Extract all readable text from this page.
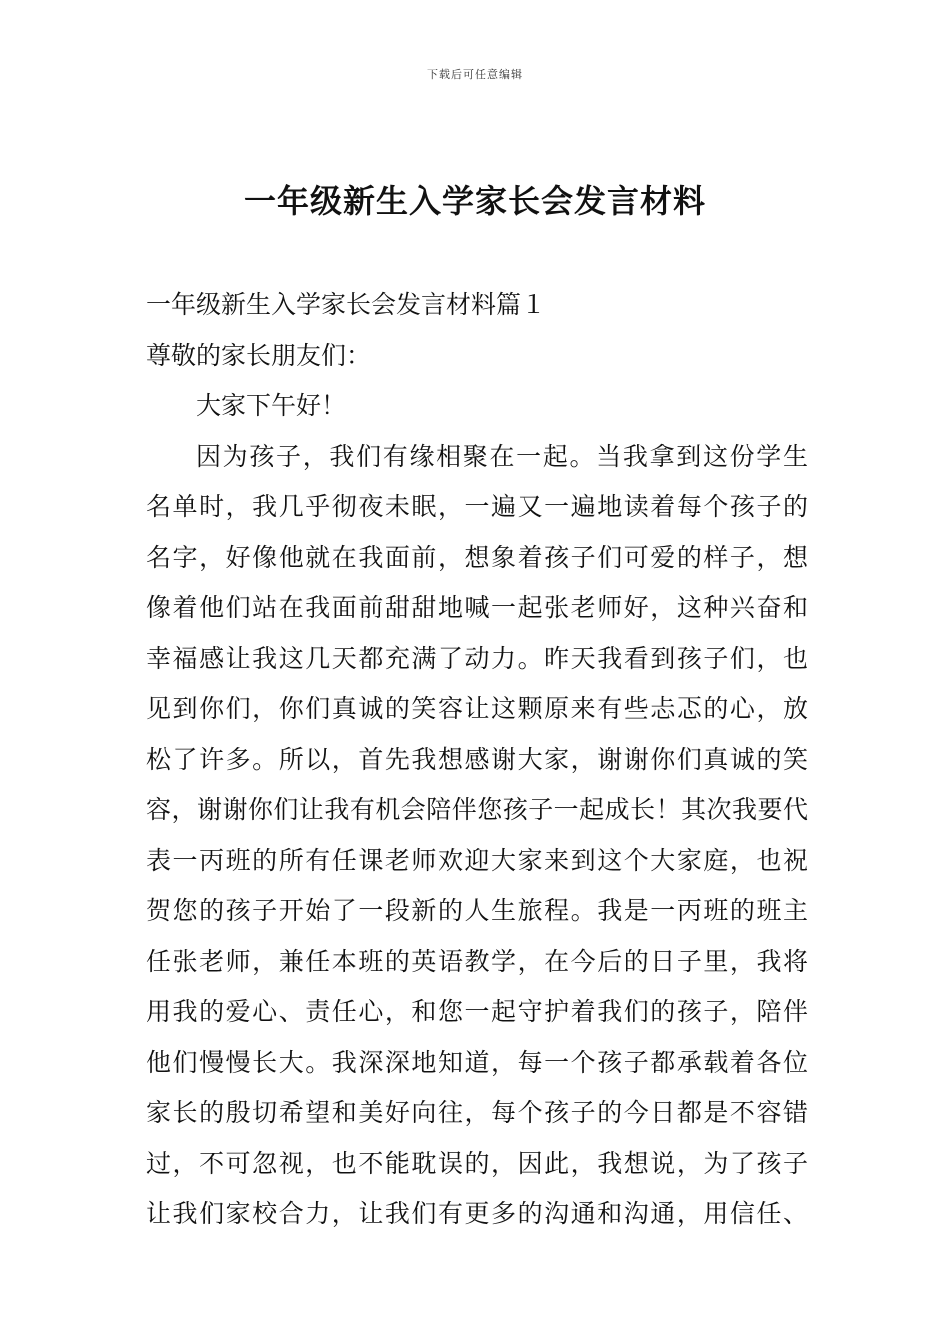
下载后可任意编辑
一年级新生入学家长会发言材料

一年级新生入学家长会发言材料篇１

尊敬的家长朋友们：

大家下午好！

因为孩子，我们有缘相聚在一起。当我拿到这份学生

名单时，我几乎彻夜未眠，一遍又一遍地读着每个孩子的

名字，好像他就在我面前，想象着孩子们可爱的样子，想

像着他们站在我面前甜甜地喊一起张老师好，这种兴奋和

幸福感让我这几天都充满了动力。昨天我看到孩子们，也

见到你们，你们真诚的笑容让这颗原来有些忐忑的心，放

松了许多。所以，首先我想感谢大家，谢谢你们真诚的笑

容，谢谢你们让我有机会陪伴您孩子一起成长！其次我要代

表一丙班的所有任课老师欢迎大家来到这个大家庭，也祝

贺您的孩子开始了一段新的人生旅程。我是一丙班的班主

任张老师，兼任本班的英语教学，在今后的日子里，我将

用我的爱心、责任心，和您一起守护着我们的孩子，陪伴

他们慢慢长大。我深深地知道，每一个孩子都承载着各位

家长的殷切希望和美好向往，每个孩子的今日都是不容错

过，不可忽视，也不能耽误的，因此，我想说，为了孩子

让我们家校合力，让我们有更多的沟通和沟通，用信任、
